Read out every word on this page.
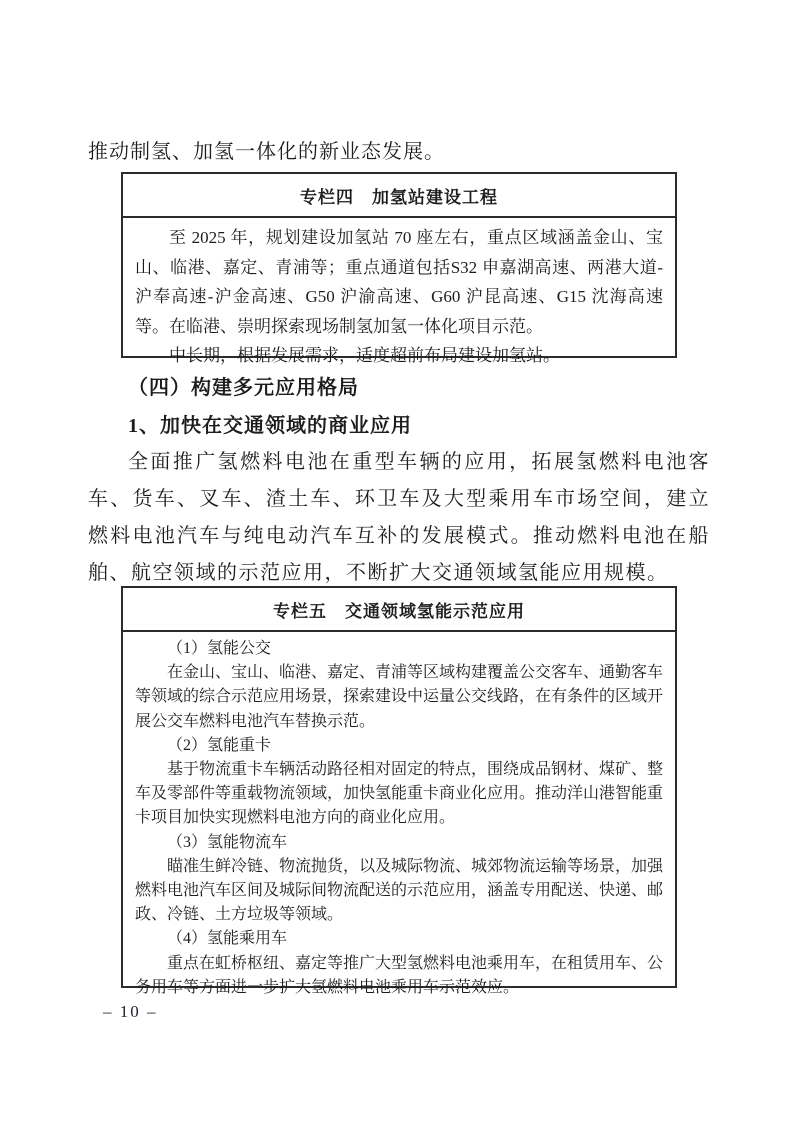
推动制氢、加氢一体化的新业态发展。

专栏四　加氢站建设工程

至 2025 年，规划建设加氢站 70 座左右，重点区域涵盖金山、宝山、临港、嘉定、青浦等；重点通道包括S32 申嘉湖高速、两港大道-沪奉高速-沪金高速、G50 沪渝高速、G60 沪昆高速、G15 沈海高速等。在临港、崇明探索现场制氢加氢一体化项目示范。

中长期，根据发展需求，适度超前布局建设加氢站。

（四）构建多元应用格局
1、加快在交通领域的商业应用

全面推广氢燃料电池在重型车辆的应用，拓展氢燃料电池客车、货车、叉车、渣土车、环卫车及大型乘用车市场空间，建立燃料电池汽车与纯电动汽车互补的发展模式。推动燃料电池在船舶、航空领域的示范应用，不断扩大交通领域氢能应用规模。

专栏五　交通领域氢能示范应用

（1）氢能公交

在金山、宝山、临港、嘉定、青浦等区域构建覆盖公交客车、通勤客车等领域的综合示范应用场景，探索建设中运量公交线路，在有条件的区域开展公交车燃料电池汽车替换示范。

（2）氢能重卡

基于物流重卡车辆活动路径相对固定的特点，围绕成品钢材、煤矿、整车及零部件等重载物流领域，加快氢能重卡商业化应用。推动洋山港智能重卡项目加快实现燃料电池方向的商业化应用。

（3）氢能物流车

瞄准生鲜冷链、物流抛货，以及城际物流、城郊物流运输等场景，加强燃料电池汽车区间及城际间物流配送的示范应用，涵盖专用配送、快递、邮政、冷链、土方垃圾等领域。

（4）氢能乘用车

重点在虹桥枢纽、嘉定等推广大型氢燃料电池乘用车，在租赁用车、公务用车等方面进一步扩大氢燃料电池乘用车示范效应。

– 10 –
